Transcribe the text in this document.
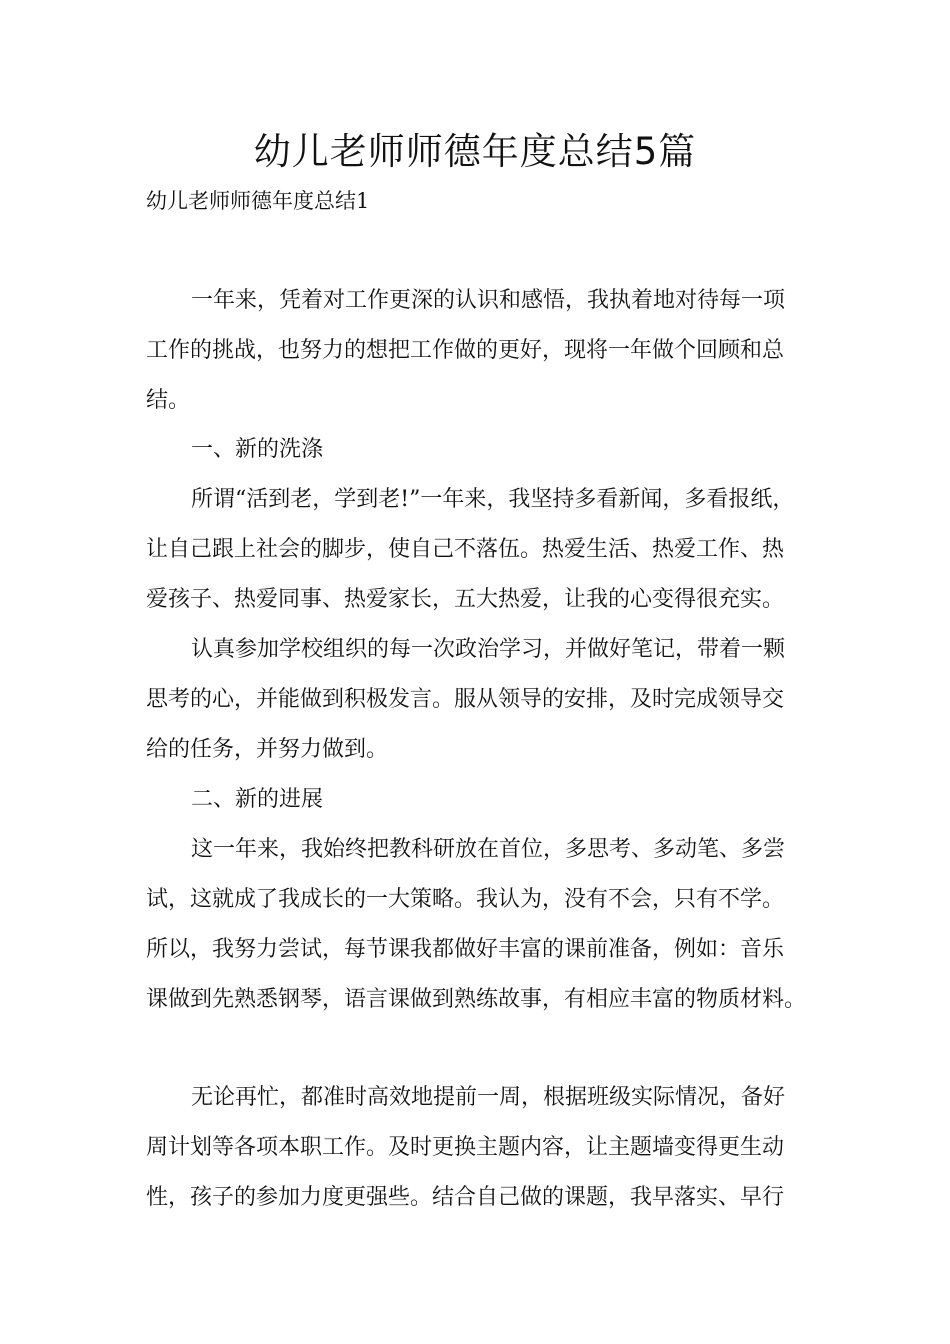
幼儿老师师德年度总结5篇
幼儿老师师德年度总结1
一年来，凭着对工作更深的认识和感悟，我执着地对待每一项
工作的挑战，也努力的想把工作做的更好，现将一年做个回顾和总
结。
一、新的洗涤
所谓“活到老，学到老!”一年来，我坚持多看新闻，多看报纸，
让自己跟上社会的脚步，使自己不落伍。热爱生活、热爱工作、热
爱孩子、热爱同事、热爱家长，五大热爱，让我的心变得很充实。
认真参加学校组织的每一次政治学习，并做好笔记，带着一颗
思考的心，并能做到积极发言。服从领导的安排，及时完成领导交
给的任务，并努力做到。
二、新的进展
这一年来，我始终把教科研放在首位，多思考、多动笔、多尝
试，这就成了我成长的一大策略。我认为，没有不会，只有不学。
所以，我努力尝试，每节课我都做好丰富的课前准备，例如：音乐
课做到先熟悉钢琴，语言课做到熟练故事，有相应丰富的物质材料。
无论再忙，都准时高效地提前一周，根据班级实际情况，备好
周计划等各项本职工作。及时更换主题内容，让主题墙变得更生动
性，孩子的参加力度更强些。结合自己做的课题，我早落实、早行
